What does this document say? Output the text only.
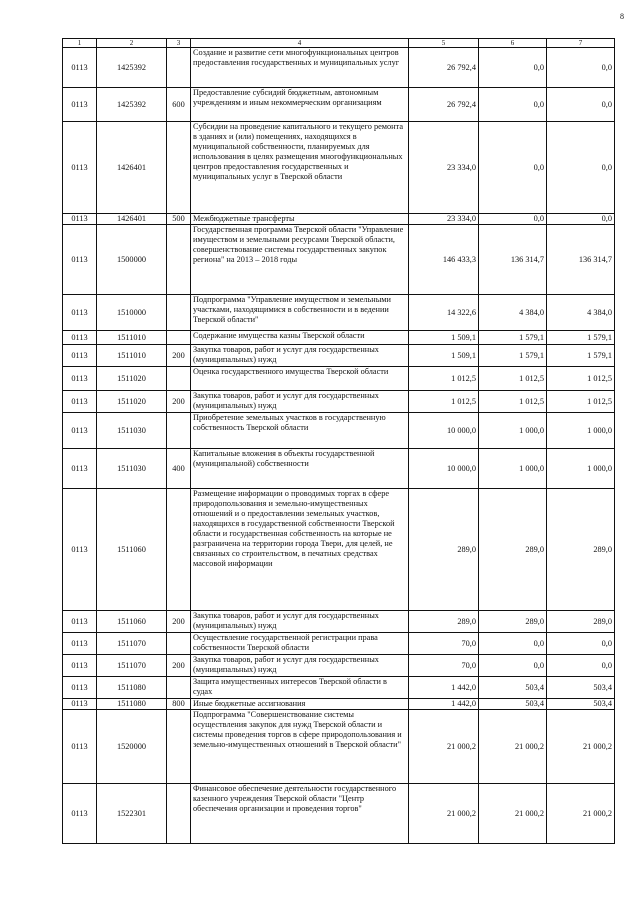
8
1	2	3	4	5	6	7
0113	1425392		Создание и развитие сети многофункциональных центров предоставления государственных и муниципальных услуг	26 792,4	0,0	0,0
0113	1425392	600	Предоставление субсидий бюджетным, автономным учреждениям и иным некоммерческим организациям	26 792,4	0,0	0,0
0113	1426401		Субсидии на проведение капитального и текущего ремонта в зданиях и (или) помещениях, находящихся в муниципальной собственности, планируемых для использования в целях размещения многофункциональных центров предоставления государственных и муниципальных услуг в Тверской области	23 334,0	0,0	0,0
0113	1426401	500	Межбюджетные трансферты	23 334,0	0,0	0,0
0113	1500000		Государственная программа Тверской области "Управление имуществом и земельными ресурсами Тверской области, совершенствование системы государственных закупок региона" на 2013 – 2018 годы	146 433,3	136 314,7	136 314,7
0113	1510000		Подпрограмма "Управление имуществом и земельными участками, находящимися в собственности и в ведении Тверской области"	14 322,6	4 384,0	4 384,0
0113	1511010		Содержание имущества казны Тверской области	1 509,1	1 579,1	1 579,1
0113	1511010	200	Закупка товаров, работ и услуг для государственных (муниципальных) нужд	1 509,1	1 579,1	1 579,1
0113	1511020		Оценка государственного имущества Тверской области	1 012,5	1 012,5	1 012,5
0113	1511020	200	Закупка товаров, работ и услуг для государственных (муниципальных) нужд	1 012,5	1 012,5	1 012,5
0113	1511030		Приобретение земельных участков в государственную собственность Тверской области	10 000,0	1 000,0	1 000,0
0113	1511030	400	Капитальные вложения в объекты государственной (муниципальной) собственности	10 000,0	1 000,0	1 000,0
0113	1511060		Размещение информации о проводимых торгах в сфере природопользования и земельно-имущественных отношений и о предоставлении земельных участков, находящихся в государственной собственности Тверской области и государственная собственность на которые не разграничена на территории города Твери, для целей, не связанных со строительством, в печатных средствах массовой информации	289,0	289,0	289,0
0113	1511060	200	Закупка товаров, работ и услуг для государственных (муниципальных) нужд	289,0	289,0	289,0
0113	1511070		Осуществление государственной регистрации права собственности Тверской области	70,0	0,0	0,0
0113	1511070	200	Закупка товаров, работ и услуг для государственных (муниципальных) нужд	70,0	0,0	0,0
0113	1511080		Защита имущественных интересов Тверской области в судах	1 442,0	503,4	503,4
0113	1511080	800	Иные бюджетные ассигнования	1 442,0	503,4	503,4
0113	1520000		Подпрограмма "Совершенствование системы осуществления закупок для нужд Тверской области и системы проведения торгов в сфере природопользования и земельно-имущественных отношений в Тверской области"	21 000,2	21 000,2	21 000,2
0113	1522301		Финансовое обеспечение деятельности государственного казенного учреждения Тверской области "Центр обеспечения организации и проведения торгов"	21 000,2	21 000,2	21 000,2
